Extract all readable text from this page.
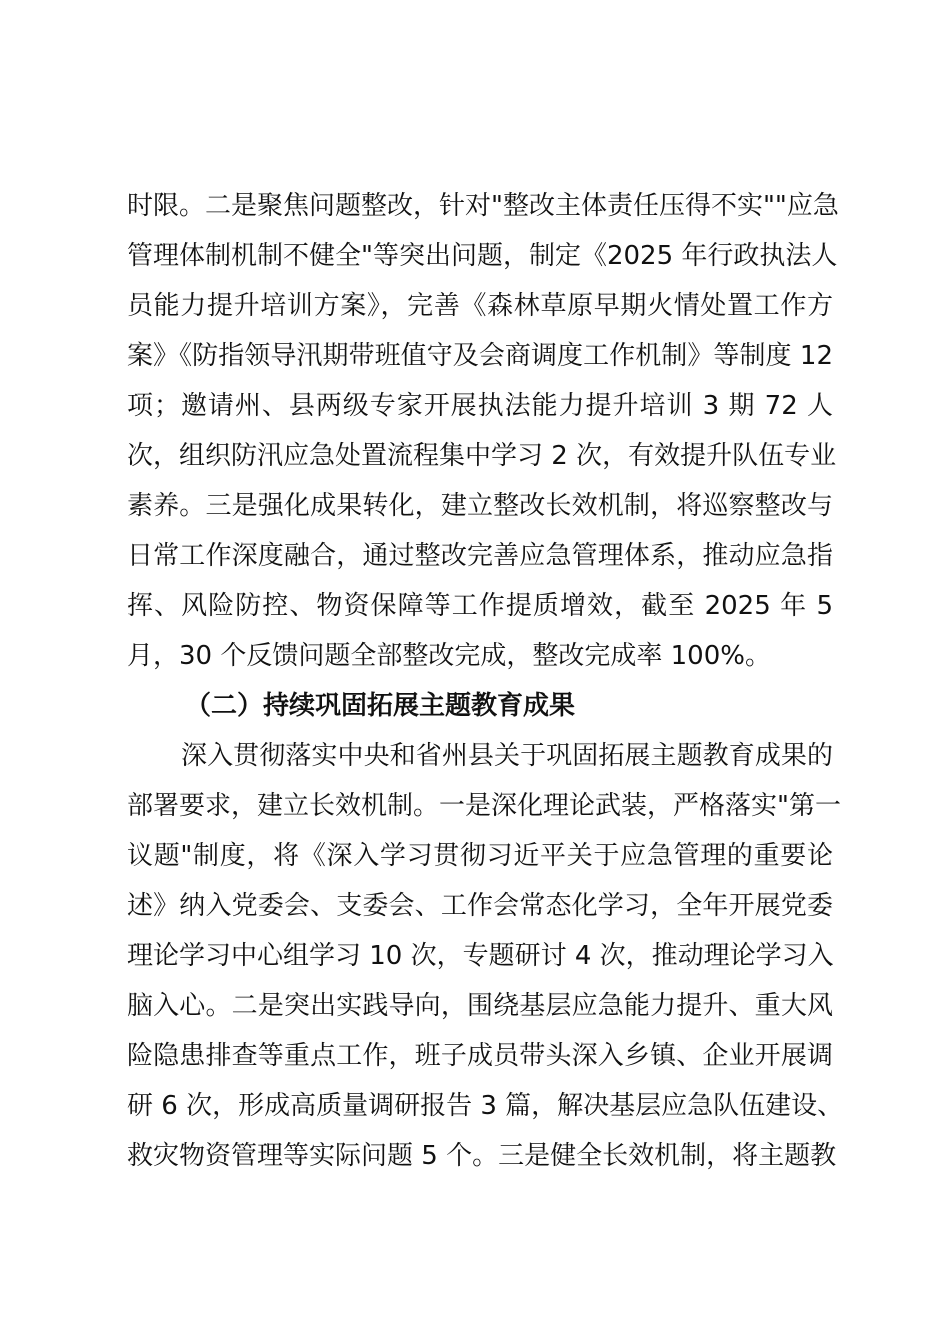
时限。二是聚焦问题整改，针对"整改主体责任压得不实""应急
管理体制机制不健全"等突出问题，制定《2025 年行政执法人
员能力提升培训方案》，完善《森林草原早期火情处置工作方
案》《防指领导汛期带班值守及会商调度工作机制》等制度 12
项；邀请州、县两级专家开展执法能力提升培训 3 期 72 人
次，组织防汛应急处置流程集中学习 2 次，有效提升队伍专业
素养。三是强化成果转化，建立整改长效机制，将巡察整改与
日常工作深度融合，通过整改完善应急管理体系，推动应急指
挥、风险防控、物资保障等工作提质增效，截至 2025 年 5
月，30 个反馈问题全部整改完成，整改完成率 100%。
（二）持续巩固拓展主题教育成果
深入贯彻落实中央和省州县关于巩固拓展主题教育成果的
部署要求，建立长效机制。一是深化理论武装，严格落实"第一
议题"制度，将《深入学习贯彻习近平关于应急管理的重要论
述》纳入党委会、支委会、工作会常态化学习，全年开展党委
理论学习中心组学习 10 次，专题研讨 4 次，推动理论学习入
脑入心。二是突出实践导向，围绕基层应急能力提升、重大风
险隐患排查等重点工作，班子成员带头深入乡镇、企业开展调
研 6 次，形成高质量调研报告 3 篇，解决基层应急队伍建设、
救灾物资管理等实际问题 5 个。三是健全长效机制，将主题教
